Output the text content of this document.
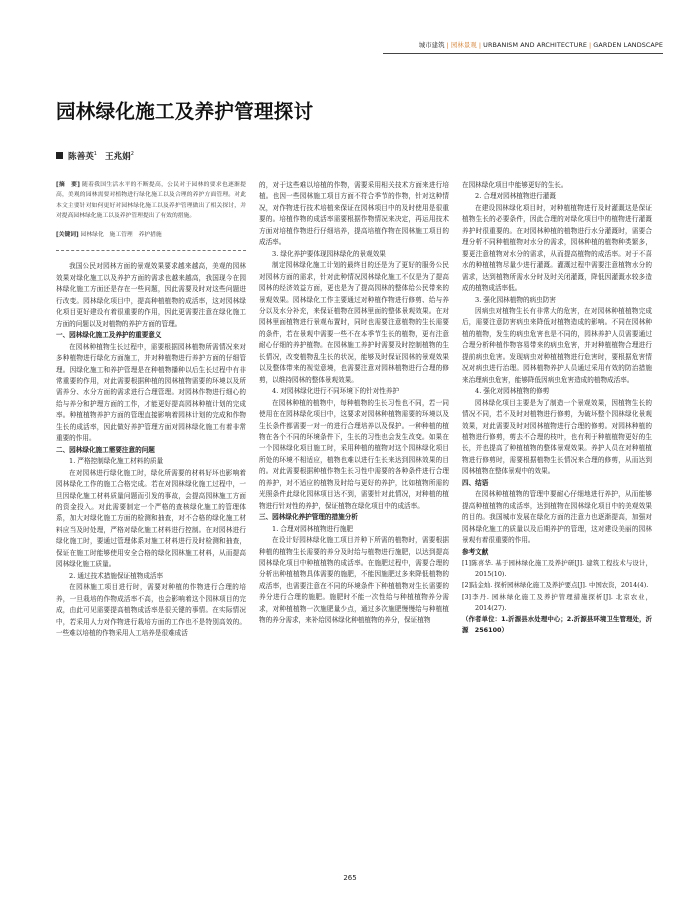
城市建筑 | 园林景观 | URBANISM AND ARCHITECTURE | GARDEN LANDSCAPE
园林绿化施工及养护管理探讨
陈善英$^1$ 王兆娟$^2$

[摘　要] 随着我国生活水平的不断提高，公民对于园林的要求也逐渐提高，美观的园林需要对植物进行绿化施工以及合理的养护方面管理。对此本文主要针对如何更好对园林绿化施工以及养护管理做出了相关探讨，并对提高园林绿化施工以及养护管理提出了有效的措施。

[关键词] 园林绿化　施工管理　养护措施

我国公民对园林方面的景观效果要求越来越高，美观的园林效果对绿化施工以及养护方面的需求也越来越高，我国现今在园林绿化施工方面还是存在一些问题，因此需要及时对这些问题进行改变。园林绿化项目中，提高种植植物的成活率，这对园林绿化项目更好建设有着很重要的作用，因此更需要注意在绿化施工方面的问题以及对植物的养护方面的管理。

一、园林绿化施工及养护的重要意义

在园林种植物生长过程中，需要根据园林植物所需情况来对多种植物进行绿化方面施工，并对种植物进行养护方面的仔细管理。因绿化施工和养护管理是在种植物播种以后生长过程中有非常重要的作用，对此需要根据种植的园林植物需要的环境以及所需养分、水分方面的需求进行合理管理。对园林作物进行细心的给与养分和护理方面的工作，才能更好提高园林种植计划的完成率。种植植物养护方面的管理直接影响着园林计划的完成和作物生长的成活率，因此做好养护管理方面对园林绿化施工有着非常重要的作用。

二、园林绿化施工需要注意的问题

1. 严格控制绿化施工材料的质量

在对园林进行绿化施工时，绿化所需要的材料好坏也影响着园林绿化工作的施工合格完成。若在对园林绿化施工过程中，一旦因绿化施工材料质量问题而引发的事故，会提高园林施工方面的资金投入。对此需要制定一个严格的查核绿化施工的管理体系，加大对绿化施工方面的检测和抽查，对不合格的绿化施工材料应当及时处理，严格对绿化施工材料进行控制。在对园林进行绿化施工时，要通过管理体系对施工材料进行及时检测和抽查，保证在施工时能够使用安全合格的绿化园林施工材料，从而提高园林绿化施工质量。

2. 通过技术措施保证植物成活率

在园林施工项目进行时，需要对种植的作物进行合理的培养，一旦栽培的作物成活率不高，也会影响着这个园林项目的完成，由此可见需要提高植物成活率是很关键的事情。在实际情况中，若采用人力对作物进行栽培方面的工作也不是特别高效的。一些难以培植的作物采用人工培养是很难成活

的，对于这些难以培植的作物，需要采用相关技术方面来进行培植。也因一些园林施工项目方面不符合季节的作物，针对这种情况，对作物进行技术培植来保证在园林项目中的及时使用是很重要的。培植作物的成活率需要根据作物情况来决定，再运用技术方面对培植作物进行仔细培养，提高培植作物在园林施工项目的成活率。

3. 绿化养护要体现园林绿化的景观效果

制定园林绿化施工计划的最终目的还是为了更好的服务公民对园林方面的需求，针对此种情况园林绿化施工不仅是为了提高园林的经济效益方面，更也是为了提高园林的整体给公民带来的景观效果。园林绿化工作主要通过对种植作物进行修剪、给与养分以及水分补充，来保证植物在园林里面的整体景观效果。在对园林里面植物进行景观布置时，同时也需要注意植物的生长需要的条件，若在景观中需要一些不在本季节生长的植物，更有注意耐心仔细的养护植物。在园林施工养护时需要及时控制植物的生长情况，改变植物乱生长的状况，能够及时保证园林的景观效果以及整体带来的视觉意境，也需要注意对园林植物进行合理的修剪，以维持园林的整体景观效果。

4. 对园林绿化进行不同环境下的针对性养护

在园林种植的植物中，每种植物的生长习性也不同，若一同使用在在园林绿化项目中，这要求对园林种植物需要的环境以及生长条件都需要一对一的进行合理培养以及保护。一种种植的植物在各个不同的环境条件下，生长的习性也会发生改变。如果在一个园林绿化项目施工时，采用种植的植物对这个园林绿化项目所处的环境不相适应，植物也难以进行生长来达到园林效果的目的。对此需要根据种植作物生长习性中需要的各种条件进行合理的养护，对不适应的植物及时给与更好的养护，比如植物所需的光照条件此绿化园林项目达不到，需要针对此情况，对种植的植物进行针对性的养护，保证植物在绿化项目中的成活率。

三、园林绿化养护管理的措施分析

1. 合理对园林植物进行施肥

在设计好园林绿化施工项目并种下所需的植物时，需要根据种植的植物生长需要的养分及时给与植物进行施肥，以达到提高园林绿化项目中种植植物的成活率。在施肥过程中，需要合理的分析出种植植物具体需要的施肥，不能因施肥过多来降低植物的成活率，也需要注意在不同的环境条件下种植植物对生长需要的养分进行合理的施肥。施肥时不能一次性给与种植植物养分需求，对种植植物一次施肥量少点，通过多次施肥慢慢给与种植植物的养分需求，来补给园林绿化种植植物的养分，保证植物

在园林绿化项目中能够更好的生长。

2. 合理对园林植物进行灌溉

在建设园林绿化项目时，对种植植物进行及时灌溉这是保证植物生长的必要条件，因此合理的对绿化项目中的植物进行灌溉养护时很重要的。在对园林种植的植物进行水分灌溉时，需要合理分析不同种植植物对水分的需求，园林种植的植物种类繁多，要更注意植物对水分的需求，从而提高植物的成活率。对于不喜水的种植植物尽量少进行灌溉。灌溉过程中需要注意植物水分的需求，达到植物所需水分时及时关闭灌溉，降低因灌溉水较多造成的植物成活率低。

3. 强化园林植物的病虫防害

因病虫对植物生长有非常大的危害，在对园林种植植物完成后，需要注意防害病虫来降低对植物造成的影响。不同在园林种植的植物，发生的病虫危害也是不同的，园林养护人员需要通过合理分析种植作物容易带来的病虫危害，并对种植植物合理进行提前病虫危害。发现病虫对种植植物进行危害时，要根据危害情况对病虫进行治理。园林植物养护人员通过采用有效的防治措施来治理病虫危害，能够降低因病虫危害造成的植物成活率。

4. 强化对园林植物的修剪

园林绿化项目主要是为了制造一个景观效果，因植物生长的情况不同，若不及时对植物进行修剪，为破坏整个园林绿化景观效果，对此需要及时对园林植物进行合理的修剪。对园林种植的植物进行修剪，剪去不合理的枝叶，也有利于种植植物更好的生长，并也提高了种植植物的整体景观效果。养护人员在对种植植物进行修剪时，需要根据植物生长情况来合理的修剪，从而达到园林植物在整体景观中的效果。

四、结语

在园林种植植物的管理中要耐心仔细地进行养护，从而能够提高种植植物的成活率，达到植物在园林绿化项目中的美观效果的目的。我国城市发展在绿化方面的注意力也逐渐提高，加强对园林绿化施工的质量以及后期养护的管理，这对建设美丽的园林景观有着很重要的作用。

参考文献

[1]陈喜华. 基于园林绿化施工及养护研[J]. 建筑工程技术与设计，2015(10).

[2]陆金灿. 探析园林绿化施工及养护要点[J]. 中国农资，2014(4).

[3]李丹. 园林绿化施工及养护管理措施探析[J]. 北京农业，2014(27).

（作者单位：1.沂源县水处理中心；2.沂源县环境卫生管理处，沂源　256100）

265
